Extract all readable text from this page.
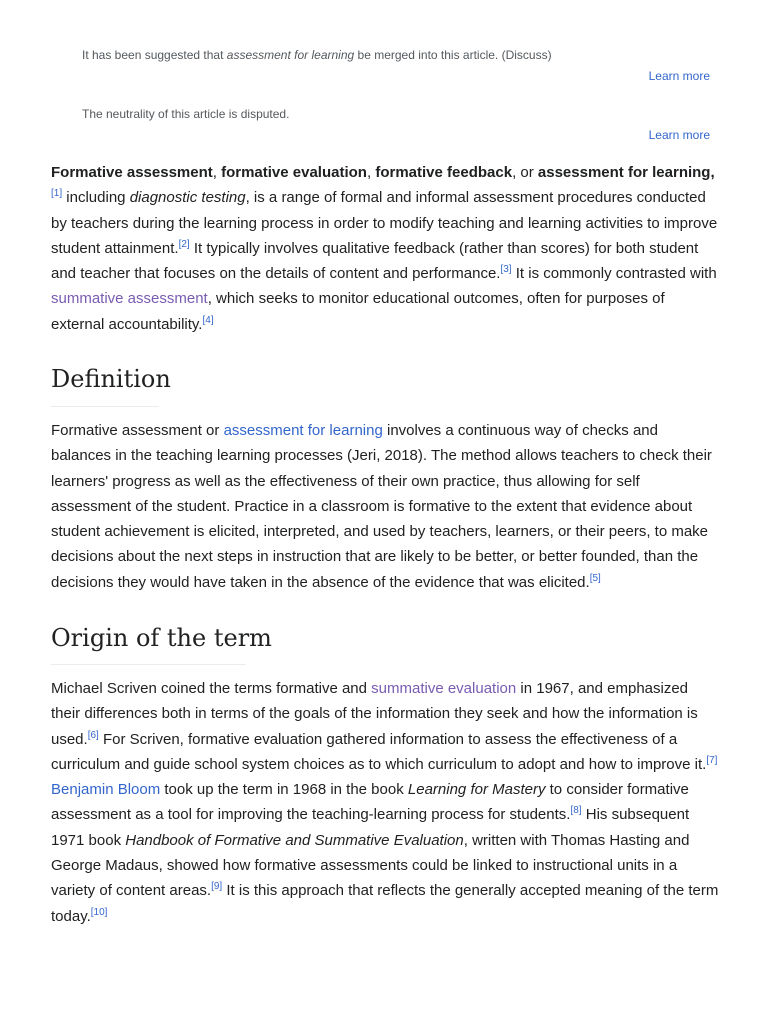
It has been suggested that assessment for learning be merged into this article. (Discuss)
Learn more
The neutrality of this article is disputed.
Learn more

Formative assessment, formative evaluation, formative feedback, or assessment for learning,[1] including diagnostic testing, is a range of formal and informal assessment procedures conducted by teachers during the learning process in order to modify teaching and learning activities to improve student attainment.[2] It typically involves qualitative feedback (rather than scores) for both student and teacher that focuses on the details of content and performance.[3] It is commonly contrasted with summative assessment, which seeks to monitor educational outcomes, often for purposes of external accountability.[4]

Definition

Formative assessment or assessment for learning involves a continuous way of checks and balances in the teaching learning processes (Jeri, 2018). The method allows teachers to check their learners' progress as well as the effectiveness of their own practice, thus allowing for self assessment of the student. Practice in a classroom is formative to the extent that evidence about student achievement is elicited, interpreted, and used by teachers, learners, or their peers, to make decisions about the next steps in instruction that are likely to be better, or better founded, than the decisions they would have taken in the absence of the evidence that was elicited.[5]

Origin of the term

Michael Scriven coined the terms formative and summative evaluation in 1967, and emphasized their differences both in terms of the goals of the information they seek and how the information is used.[6] For Scriven, formative evaluation gathered information to assess the effectiveness of a curriculum and guide school system choices as to which curriculum to adopt and how to improve it.[7] Benjamin Bloom took up the term in 1968 in the book Learning for Mastery to consider formative assessment as a tool for improving the teaching-learning process for students.[8] His subsequent 1971 book Handbook of Formative and Summative Evaluation, written with Thomas Hasting and George Madaus, showed how formative assessments could be linked to instructional units in a variety of content areas.[9] It is this approach that reflects the generally accepted meaning of the term today.[10]
